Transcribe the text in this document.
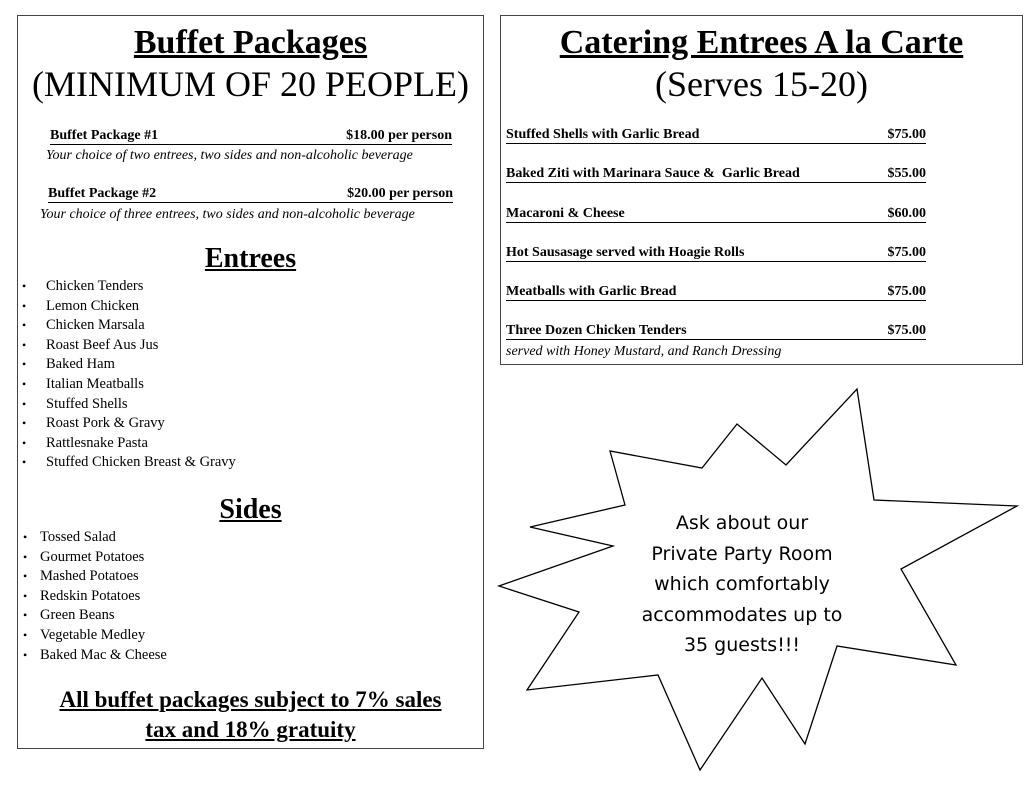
Buffet Packages
(MINIMUM OF 20 PEOPLE)
Buffet Package #1	$18.00 per person
Your choice of two entrees, two sides and non-alcoholic beverage
Buffet Package #2	$20.00 per person
Your choice of three entrees, two sides and non-alcoholic beverage
Entrees
• Chicken Tenders
• Lemon Chicken
• Chicken Marsala
• Roast Beef Aus Jus
• Baked Ham
• Italian Meatballs
• Stuffed Shells
• Roast Pork & Gravy
• Rattlesnake Pasta
• Stuffed Chicken Breast & Gravy
Sides
• Tossed Salad
• Gourmet Potatoes
• Mashed Potatoes
• Redskin Potatoes
• Green Beans
• Vegetable Medley
• Baked Mac & Cheese
All buffet packages subject to 7% sales
tax and 18% gratuity
Catering Entrees A la Carte
(Serves 15-20)
Stuffed Shells with Garlic Bread	$75.00
Baked Ziti with Marinara Sauce &  Garlic Bread	$55.00
Macaroni & Cheese	$60.00
Hot Sausasage served with Hoagie Rolls	$75.00
Meatballs with Garlic Bread	$75.00
Three Dozen Chicken Tenders	$75.00
served with Honey Mustard, and Ranch Dressing
Ask about our
Private Party Room
which comfortably
accommodates up to
35 guests!!!
